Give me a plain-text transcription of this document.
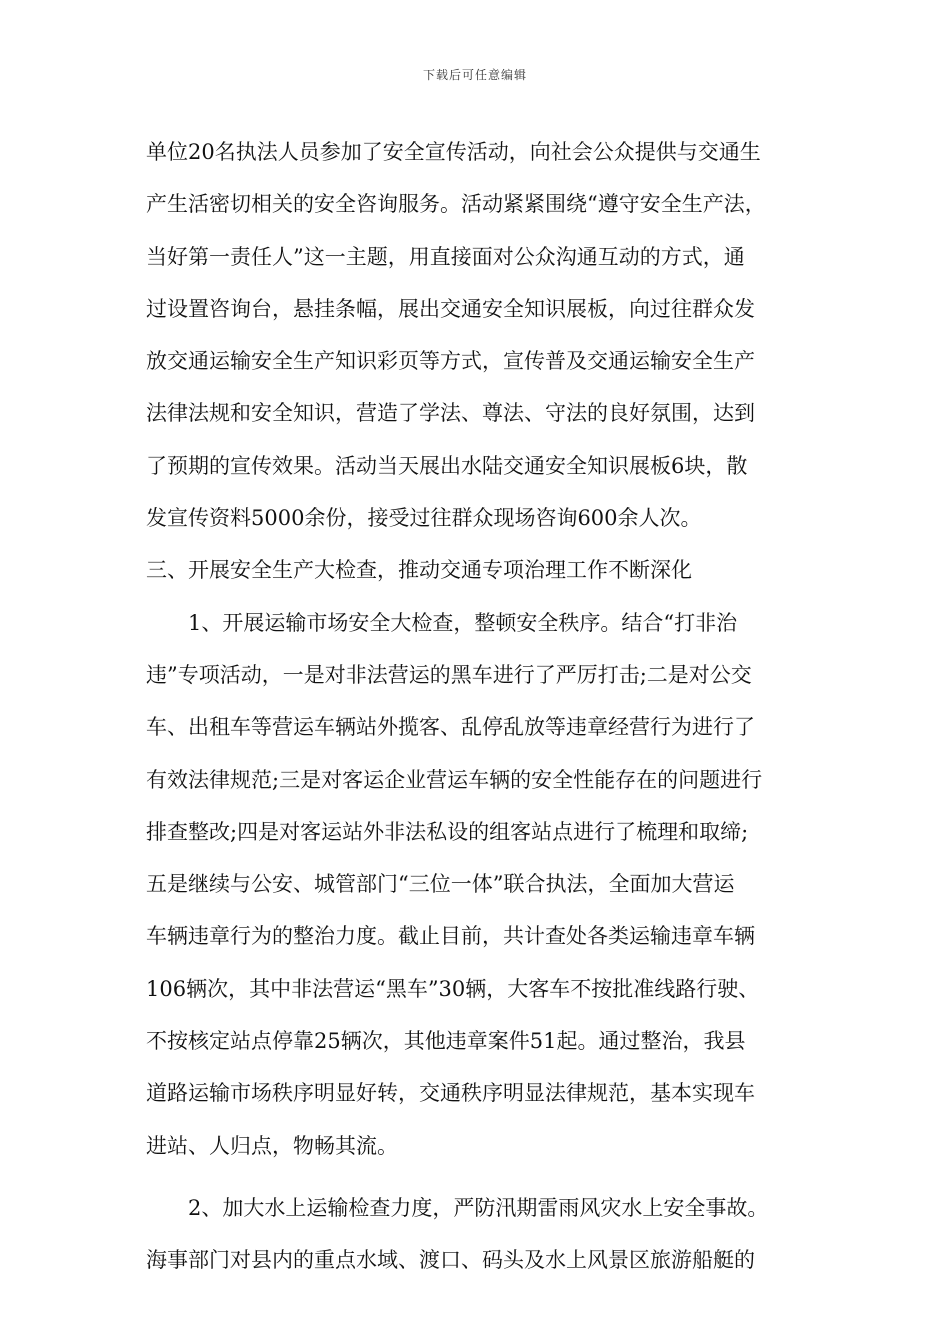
下载后可任意编辑
单位20名执法人员参加了安全宣传活动，向社会公众提供与交通生
产生活密切相关的安全咨询服务。活动紧紧围绕“遵守安全生产法，
当好第一责任人”这一主题，用直接面对公众沟通互动的方式，通
过设置咨询台，悬挂条幅，展出交通安全知识展板，向过往群众发
放交通运输安全生产知识彩页等方式，宣传普及交通运输安全生产
法律法规和安全知识，营造了学法、尊法、守法的良好氛围，达到
了预期的宣传效果。活动当天展出水陆交通安全知识展板6块，散
发宣传资料5000余份，接受过往群众现场咨询600余人次。
三、开展安全生产大检查，推动交通专项治理工作不断深化
1、开展运输市场安全大检查，整顿安全秩序。结合“打非治
违”专项活动，一是对非法营运的黑车进行了严厉打击;二是对公交
车、出租车等营运车辆站外揽客、乱停乱放等违章经营行为进行了
有效法律规范;三是对客运企业营运车辆的安全性能存在的问题进行
排查整改;四是对客运站外非法私设的组客站点进行了梳理和取缔;
五是继续与公安、城管部门“三位一体”联合执法，全面加大营运
车辆违章行为的整治力度。截止目前，共计查处各类运输违章车辆
106辆次，其中非法营运“黑车”30辆，大客车不按批准线路行驶、
不按核定站点停靠25辆次，其他违章案件51起。通过整治，我县
道路运输市场秩序明显好转，交通秩序明显法律规范，基本实现车
进站、人归点，物畅其流。
2、加大水上运输检查力度，严防汛期雷雨风灾水上安全事故。
海事部门对县内的重点水域、渡口、码头及水上风景区旅游船艇的
